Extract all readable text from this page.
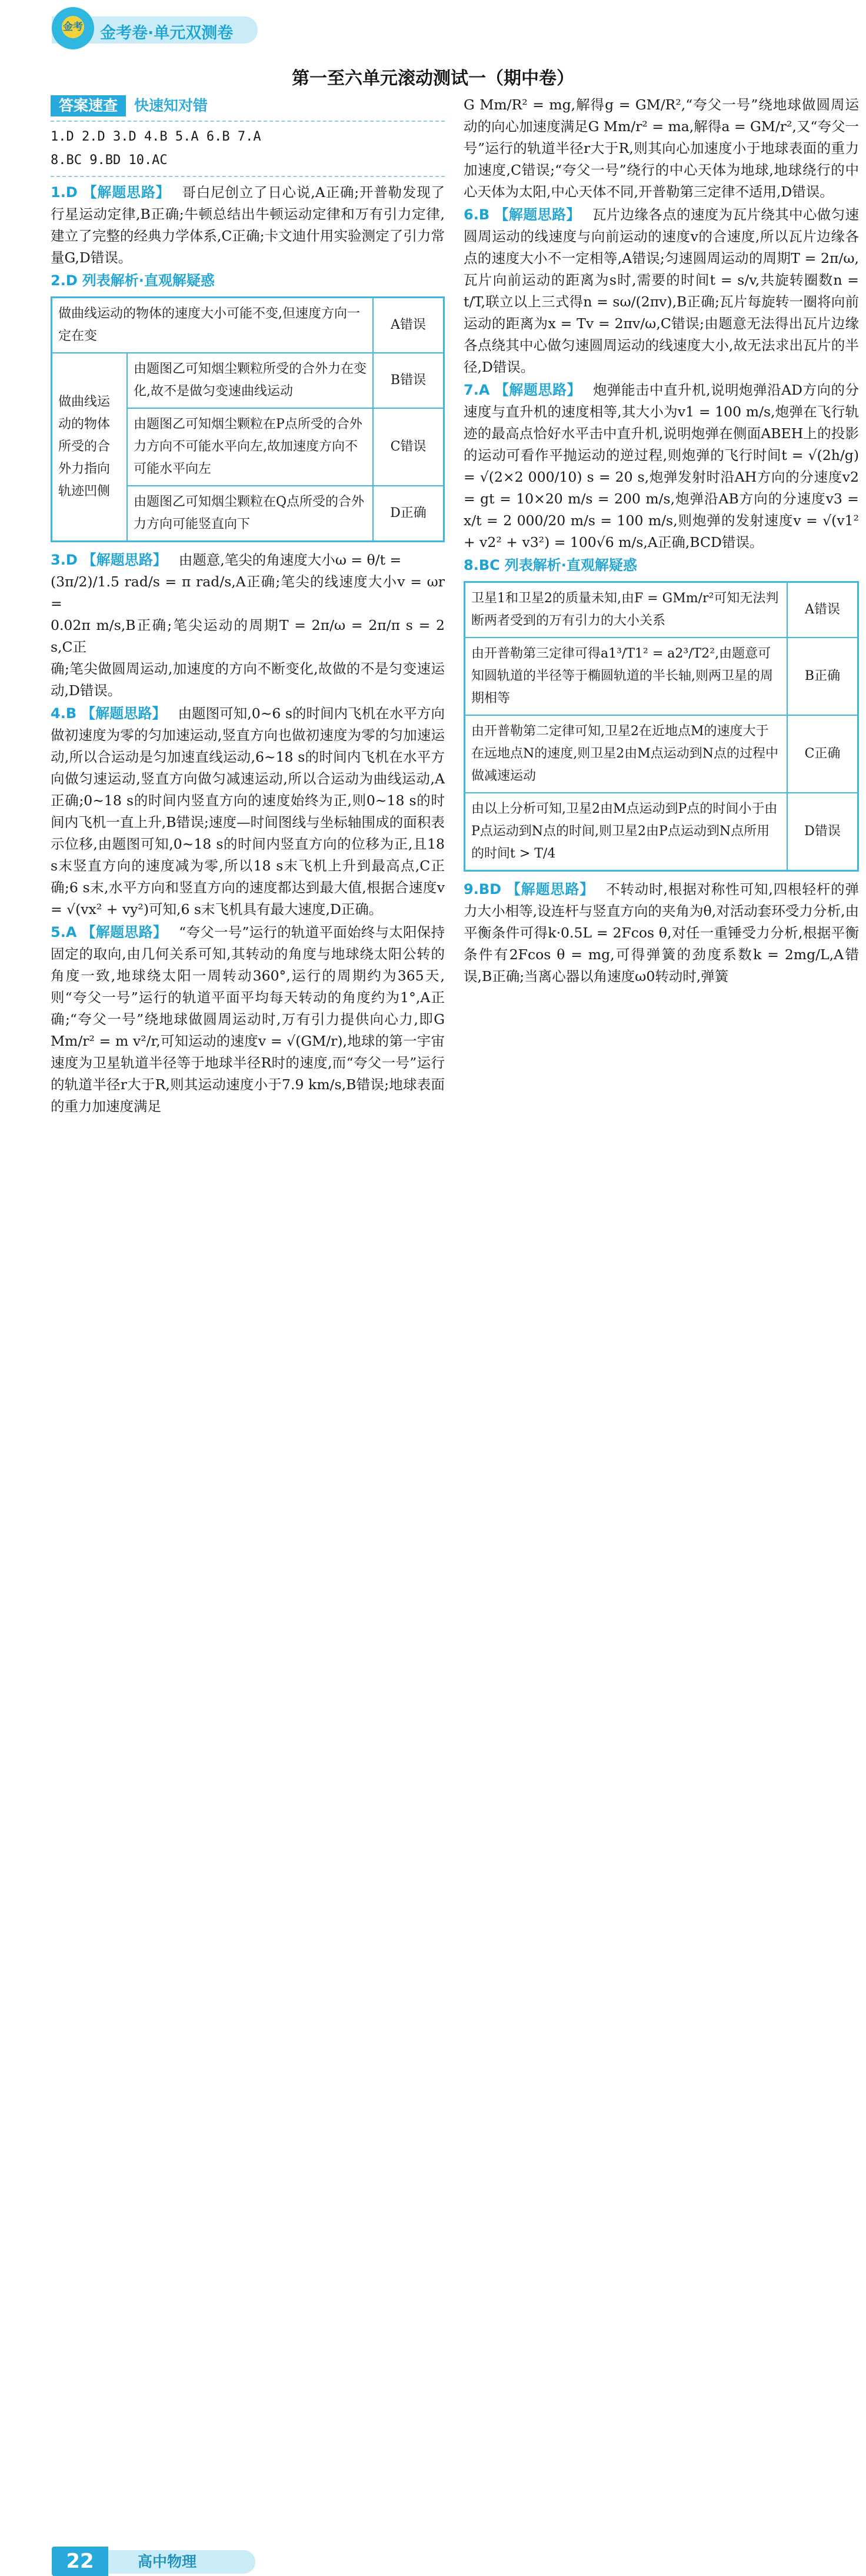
金考 金考卷·单元双测卷
第一至六单元滚动测试一（期中卷）

答案速查 快速知对错

1.D 2.D 3.D 4.B 5.A 6.B 7.A

8.BC 9.BD 10.AC

1.D 【解题思路】 哥白尼创立了日心说,A正确;开普勒发现了行星运动定律,B正确;牛顿总结出牛顿运动定律和万有引力定律,建立了完整的经典力学体系,C正确;卡文迪什用实验测定了引力常量G,D错误。

2.D 列表解析·直观解疑惑

做曲线运动的物体的速度大小可能不变,但速度方向一定在变		A错误
做曲线运动的物体所受的合外力指向轨迹凹侧	由题图乙可知烟尘颗粒所受的合外力在变化,故不是做匀变速曲线运动	B错误
	由题图乙可知烟尘颗粒在P点所受的合外力方向不可能水平向左,故加速度方向不可能水平向左	C错误
	由题图乙可知烟尘颗粒在Q点所受的合外力方向可能竖直向下	D正确

3.D 【解题思路】 由题意,笔尖的角速度大小ω = θ/t =
(3π/2)/1.5 rad/s = π rad/s,A正确;笔尖的线速度大小v = ωr =
0.02π m/s,B正确;笔尖运动的周期T = 2π/ω = 2π/π s = 2 s,C正
确;笔尖做圆周运动,加速度的方向不断变化,故做的不是匀变速运动,D错误。

4.B 【解题思路】 由题图可知,0~6 s的时间内飞机在水平方向做初速度为零的匀加速运动,竖直方向也做初速度为零的匀加速运动,所以合运动是匀加速直线运动,6~18 s的时间内飞机在水平方向做匀速运动,竖直方向做匀减速运动,所以合运动为曲线运动,A正确;0~18 s的时间内竖直方向的速度始终为正,则0~18 s的时间内飞机一直上升,B错误;速度—时间图线与坐标轴围成的面积表示位移,由题图可知,0~18 s的时间内竖直方向的位移为正,且18 s末竖直方向的速度减为零,所以18 s末飞机上升到最高点,C正确;6 s末,水平方向和竖直方向的速度都达到最大值,根据合速度v = √(vx² + vy²)可知,6 s末飞机具有最大速度,D正确。

5.A 【解题思路】 “夸父一号”运行的轨道平面始终与太阳保持固定的取向,由几何关系可知,其转动的角度与地球绕太阳公转的角度一致,地球绕太阳一周转动360°,运行的周期约为365天,则“夸父一号”运行的轨道平面平均每天转动的角度约为1°,A正确;“夸父一号”绕地球做圆周运动时,万有引力提供向心力,即G Mm/r² = m v²/r,可知运动的速度v = √(GM/r),地球的第一宇宙速度为卫星轨道半径等于地球半径R时的速度,而“夸父一号”运行的轨道半径r大于R,则其运动速度小于7.9 km/s,B错误;地球表面的重力加速度满足

G Mm/R² = mg,解得g = GM/R²,“夸父一号”绕地球做圆周运动的向心加速度满足G Mm/r² = ma,解得a = GM/r²,又“夸父一号”运行的轨道半径r大于R,则其向心加速度小于地球表面的重力加速度,C错误;“夸父一号”绕行的中心天体为地球,地球绕行的中心天体为太阳,中心天体不同,开普勒第三定律不适用,D错误。

6.B 【解题思路】 瓦片边缘各点的速度为瓦片绕其中心做匀速圆周运动的线速度与向前运动的速度v的合速度,所以瓦片边缘各点的速度大小不一定相等,A错误;匀速圆周运动的周期T = 2π/ω,瓦片向前运动的距离为s时,需要的时间t = s/v,共旋转圈数n = t/T,联立以上三式得n = sω/(2πv),B正确;瓦片每旋转一圈将向前运动的距离为x = Tv = 2πv/ω,C错误;由题意无法得出瓦片边缘各点绕其中心做匀速圆周运动的线速度大小,故无法求出瓦片的半径,D错误。

7.A 【解题思路】 炮弹能击中直升机,说明炮弹沿AD方向的分速度与直升机的速度相等,其大小为v1 = 100 m/s,炮弹在飞行轨迹的最高点恰好水平击中直升机,说明炮弹在侧面ABEH上的投影的运动可看作平抛运动的逆过程,则炮弹的飞行时间t = √(2h/g) = √(2×2 000/10) s = 20 s,炮弹发射时沿AH方向的分速度v2 = gt = 10×20 m/s = 200 m/s,炮弹沿AB方向的分速度v3 = x/t = 2 000/20 m/s = 100 m/s,则炮弹的发射速度v = √(v1² + v2² + v3²) = 100√6 m/s,A正确,BCD错误。

8.BC 列表解析·直观解疑惑

卫星1和卫星2的质量未知,由F = GMm/r²可知无法判断两者受到的万有引力的大小关系	A错误
由开普勒第三定律可得a1³/T1² = a2³/T2²,由题意可知圆轨道的半径等于椭圆轨道的半长轴,则两卫星的周期相等	B正确
由开普勒第二定律可知,卫星2在近地点M的速度大于在远地点N的速度,则卫星2由M点运动到N点的过程中做减速运动	C正确
由以上分析可知,卫星2由M点运动到P点的时间小于由P点运动到N点的时间,则卫星2由P点运动到N点所用的时间t > T/4	D错误

9.BD 【解题思路】 不转动时,根据对称性可知,四根轻杆的弹力大小相等,设连杆与竖直方向的夹角为θ,对活动套环受力分析,由平衡条件可得k·0.5L = 2Fcos θ,对任一重锤受力分析,根据平衡条件有2Fcos θ = mg,可得弹簧的劲度系数k = 2mg/L,A错误,B正确;当离心器以角速度ω0转动时,弹簧

22	高中物理
